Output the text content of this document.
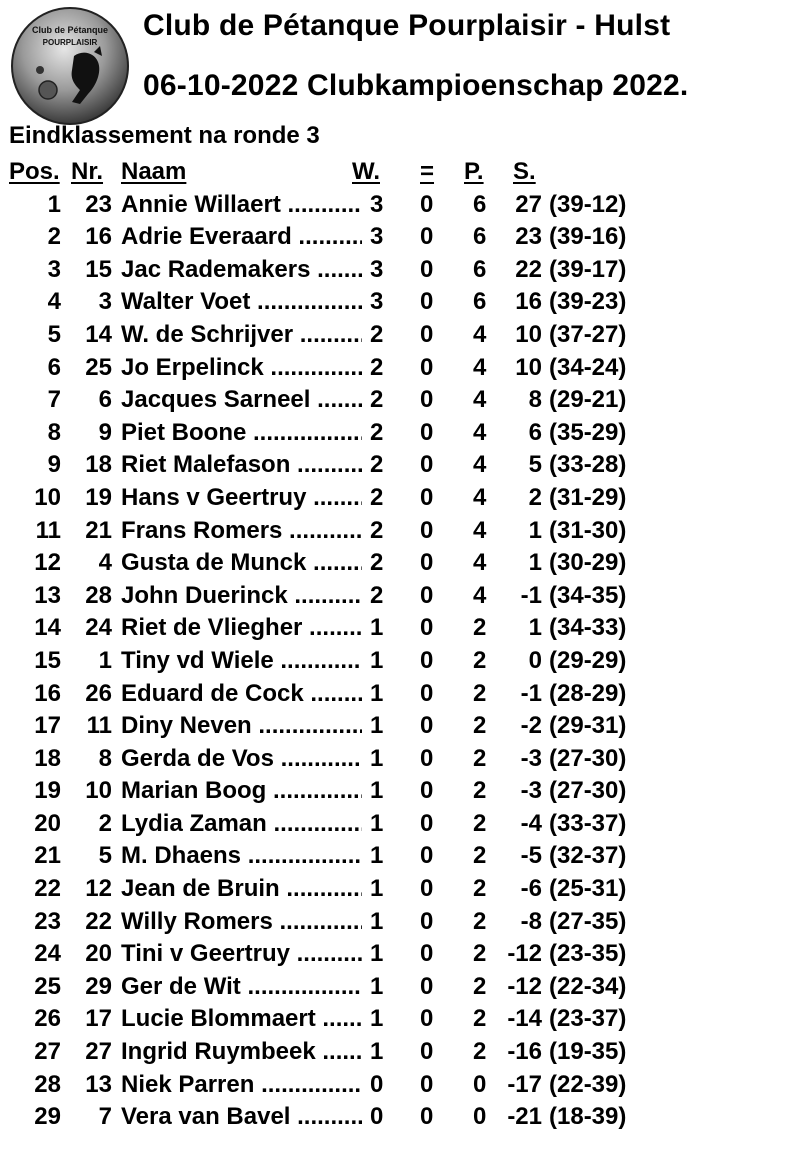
Club de Pétanque
POURPLAISIR
Club de Pétanque Pourplaisir - Hulst
06-10-2022 Clubkampioenschap 2022.
Eindklassement na ronde 3
Pos. Nr. Naam	W. = P. S.
1 23 Annie Willaert .....	3 0 6 27 (39-12)
2 16 Adrie Everaard .....	3 0 6 23 (39-16)
3 15 Jac Rademakers .....	3 0 6 22 (39-17)
4 3 Walter Voet .....	3 0 6 16 (39-23)
5 14 W. de Schrijver .....	2 0 4 10 (37-27)
6 25 Jo Erpelinck .....	2 0 4 10 (34-24)
7 6 Jacques Sarneel .....	2 0 4 8 (29-21)
8 9 Piet Boone .....	2 0 4 6 (35-29)
9 18 Riet Malefason .....	2 0 4 5 (33-28)
10 19 Hans v Geertruy .....	2 0 4 2 (31-29)
11 21 Frans Romers .....	2 0 4 1 (31-30)
12 4 Gusta de Munck .....	2 0 4 1 (30-29)
13 28 John Duerinck .....	2 0 4 -1 (34-35)
14 24 Riet de Vliegher .....	1 0 2 1 (34-33)
15 1 Tiny vd Wiele .....	1 0 2 0 (29-29)
16 26 Eduard de Cock .....	1 0 2 -1 (28-29)
17 11 Diny Neven .....	1 0 2 -2 (29-31)
18 8 Gerda de Vos .....	1 0 2 -3 (27-30)
19 10 Marian Boog .....	1 0 2 -3 (27-30)
20 2 Lydia Zaman .....	1 0 2 -4 (33-37)
21 5 M. Dhaens .....	1 0 2 -5 (32-37)
22 12 Jean de Bruin .....	1 0 2 -6 (25-31)
23 22 Willy Romers .....	1 0 2 -8 (27-35)
24 20 Tini v Geertruy .....	1 0 2 -12 (23-35)
25 29 Ger de Wit .....	1 0 2 -12 (22-34)
26 17 Lucie Blommaert .....	1 0 2 -14 (23-37)
27 27 Ingrid Ruymbeek .....	1 0 2 -16 (19-35)
28 13 Niek Parren .....	0 0 0 -17 (22-39)
29 7 Vera van Bavel .....	0 0 0 -21 (18-39)
